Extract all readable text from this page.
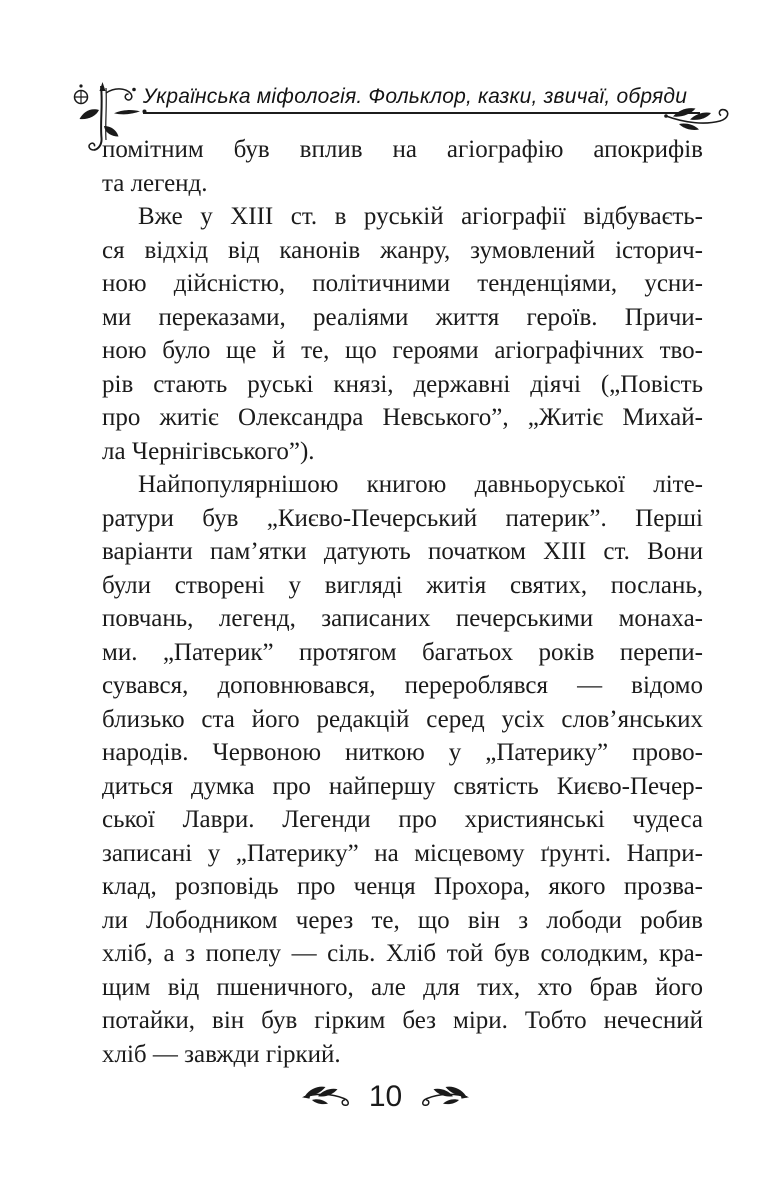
Українська міфологія. Фольклор, казки, звичаї, обряди
помітним був вплив на агіографію апокрифів
та легенд.
Вже у XIII ст. в руській агіографії відбуваєть-
ся відхід від канонів жанру, зумовлений історич-
ною дійсністю, політичними тенденціями, усни-
ми переказами, реаліями життя героїв. Причи-
ною було ще й те, що героями агіографічних тво-
рів стають руські князі, державні діячі („Повість
про житіє Олександра Невського”, „Житіє Михай-
ла Чернігівського”).
Найпопулярнішою книгою давньоруської літе-
ратури був „Києво-Печерський патерик”. Перші
варіанти пам’ятки датують початком XIII ст. Вони
були створені у вигляді житія святих, послань,
повчань, легенд, записаних печерськими монаха-
ми. „Патерик” протягом багатьох років перепи-
сувався, доповнювався, перероблявся — відомо
близько ста його редакцій серед усіх слов’янських
народів. Червоною ниткою у „Патерику” прово-
диться думка про найпершу святість Києво-Печер-
ської Лаври. Легенди про християнські чудеса
записані у „Патерику” на місцевому ґрунті. Напри-
клад, розповідь про ченця Прохора, якого прозва-
ли Лободником через те, що він з лободи робив
хліб, а з попелу — сіль. Хліб той був солодким, кра-
щим від пшеничного, але для тих, хто брав його
потайки, він був гірким без міри. Тобто нечесний
хліб — завжди гіркий.
10
